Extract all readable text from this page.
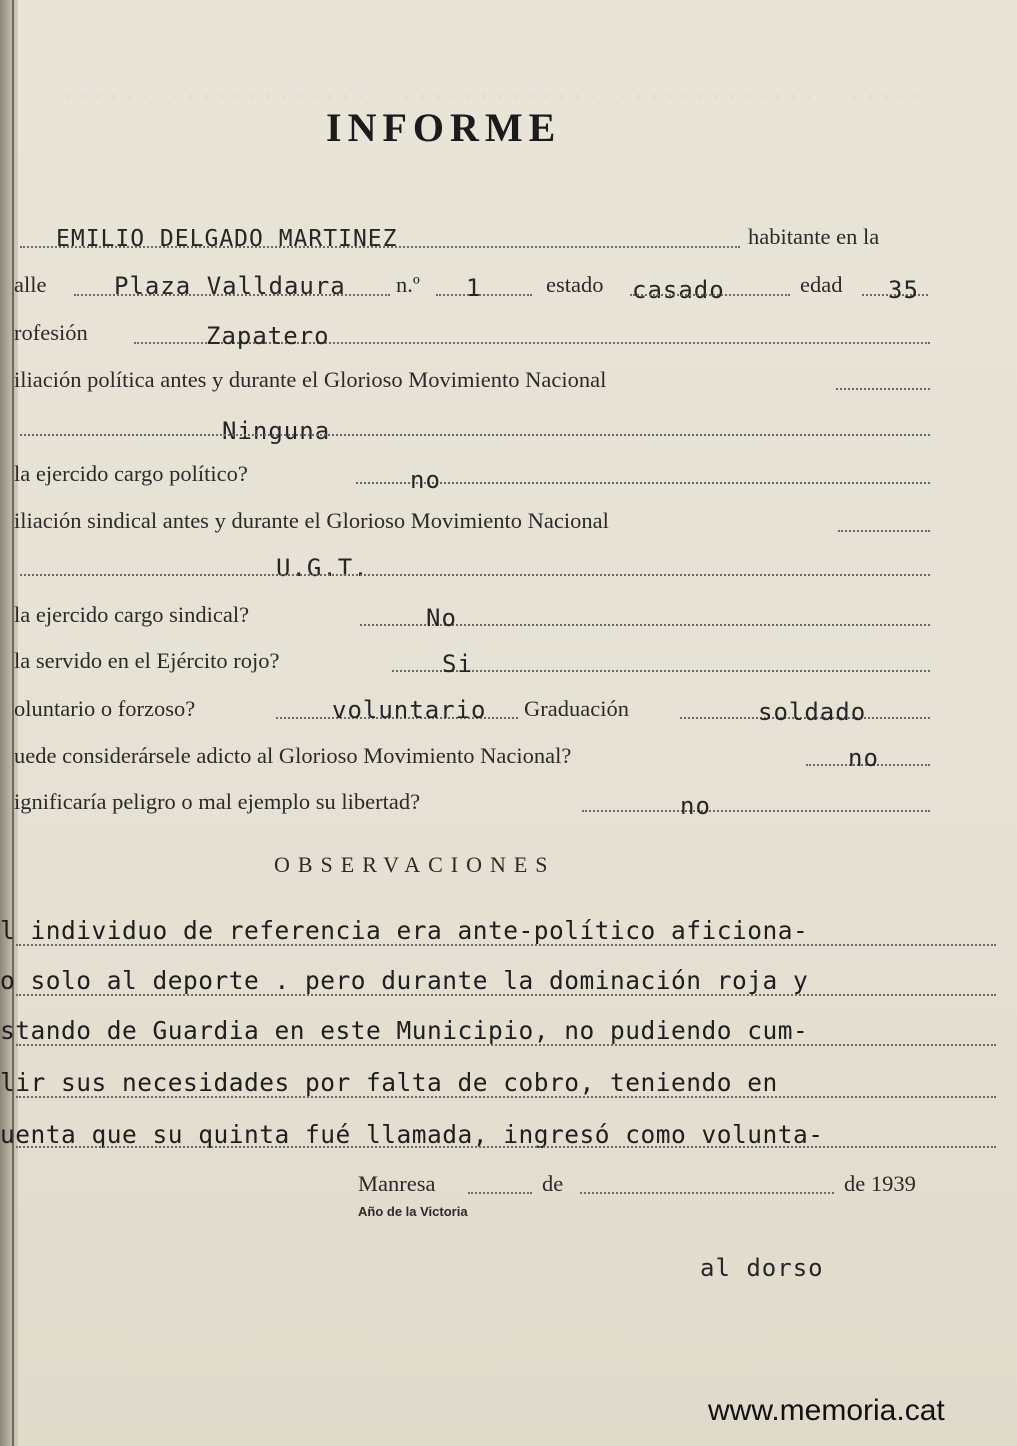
........................................................
INFORME
EMILIO DELGADO MARTINEZ	habitante en la
alle	Plaza Valldaura n.º 1	estado casado	edad 35
rofesión	Zapatero
iliación política antes y durante el Glorioso Movimiento Nacional
Ninguna
la ejercido cargo político?	no
iliación sindical antes y durante el Glorioso Movimiento Nacional
U.G.T.
la ejercido cargo sindical?	No
la servido en el Ejército rojo?	Si
oluntario o forzoso?	voluntario Graduación	soldado
uede considerársele adicto al Glorioso Movimiento Nacional?	no
ignificaría peligro o mal ejemplo su libertad?	no
OBSERVACIONES
l individuo de referencia era ante-político aficiona-
o solo al deporte . pero durante la dominación roja y
stando de Guardia en este Municipio, no pudiendo cum-
lir sus necesidades por falta de cobro, teniendo en
uenta que su quinta fué llamada, ingresó como volunta-
Manresa	de	de 1939
Año de la Victoria
al dorso
www.memoria.cat
